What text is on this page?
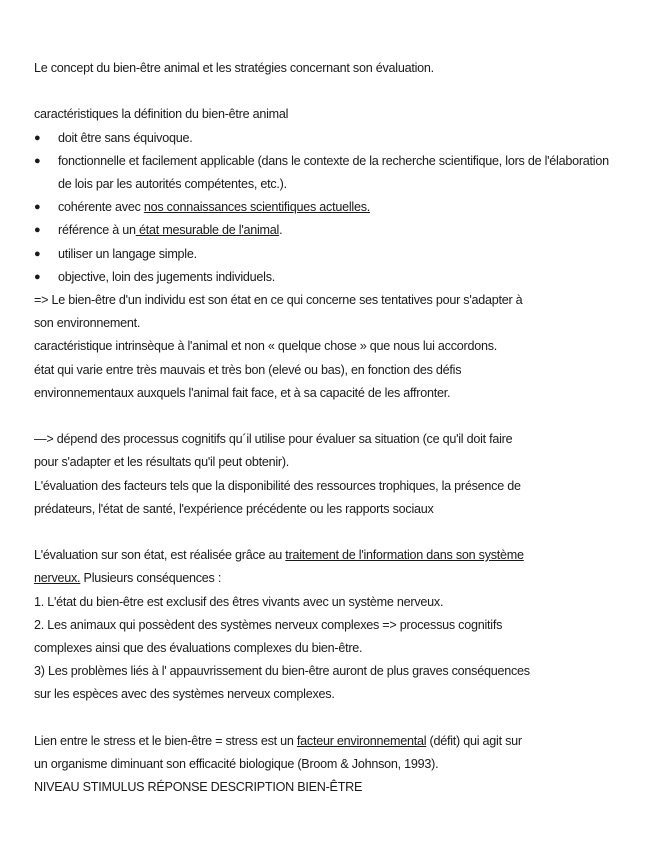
Le concept du bien-être animal et les stratégies concernant son évaluation.
caractéristiques la définition du bien-être animal
● doit être sans équivoque.
● fonctionnelle et facilement applicable (dans le contexte de la recherche scientifique, lors de l'élaboration de lois par les autorités compétentes, etc.).
● cohérente avec nos connaissances scientifiques actuelles.
● référence à un état mesurable de l'animal.
● utiliser un langage simple.
● objective, loin des jugements individuels.
=> Le bien-être d'un individu est son état en ce qui concerne ses tentatives pour s'adapter à
son environnement.
caractéristique intrinsèque à l'animal et non « quelque chose » que nous lui accordons.
état qui varie entre très mauvais et très bon (elevé ou bas), en fonction des défis
environnementaux auxquels l'animal fait face, et à sa capacité de les affronter.
—> dépend des processus cognitifs qu´il utilise pour évaluer sa situation (ce qu'il doit faire
pour s'adapter et les résultats qu'il peut obtenir).
L'évaluation des facteurs tels que la disponibilité des ressources trophiques, la présence de
prédateurs, l'état de santé, l'expérience précédente ou les rapports sociaux
L'évaluation sur son état, est réalisée grâce au traitement de l'information dans son système
nerveux. Plusieurs conséquences :
1. L'état du bien-être est exclusif des êtres vivants avec un système nerveux.
2. Les animaux qui possèdent des systèmes nerveux complexes => processus cognitifs
complexes ainsi que des évaluations complexes du bien-être.
3) Les problèmes liés à l' appauvrissement du bien-être auront de plus graves conséquences
sur les espèces avec des systèmes nerveux complexes.
Lien entre le stress et le bien-être = stress est un facteur environnemental (défit) qui agit sur
un organisme diminuant son efficacité biologique (Broom & Johnson, 1993).
NIVEAU STIMULUS RÉPONSE DESCRIPTION BIEN-ÊTRE
